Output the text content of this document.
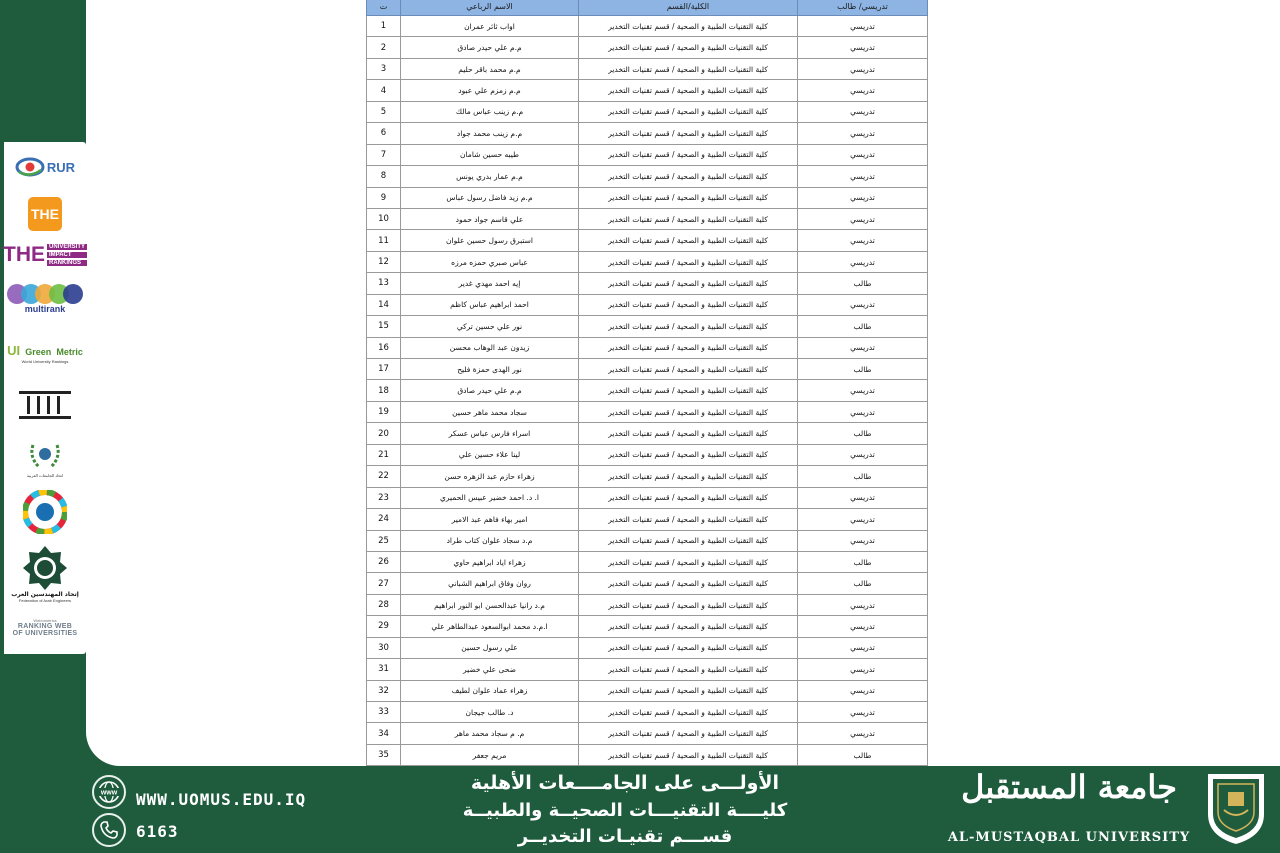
RUR
THE
THE UNIVERSITY
IMPACT
RANKINGS
multirank
UI Green Metric
World University Rankings
اتحاد الجامعات العربية
إتحاد المهندسين العرب
Federation of Arab Engineers
Webometrics
RANKING WEB
OF UNIVERSITIES
ت	الاسم الرباعي	الكلية/القسم	تدريسي/ طالب
1	اواب ثائر عمران	كلية التقنيات الطبية و الصحية / قسم تقنيات التخدير	تدريسي
2	م.م علي حيدر صادق	كلية التقنيات الطبية و الصحية / قسم تقنيات التخدير	تدريسي
3	م.م محمد باقر حليم	كلية التقنيات الطبية و الصحية / قسم تقنيات التخدير	تدريسي
4	م.م زمزم علي عبود	كلية التقنيات الطبية و الصحية / قسم تقنيات التخدير	تدريسي
5	م.م زينب عباس مالك	كلية التقنيات الطبية و الصحية / قسم تقنيات التخدير	تدريسي
6	م.م زينب محمد جواد	كلية التقنيات الطبية و الصحية / قسم تقنيات التخدير	تدريسي
7	طيبه حسين شامان	كلية التقنيات الطبية و الصحية / قسم تقنيات التخدير	تدريسي
8	م.م عمار بدري يونس	كلية التقنيات الطبية و الصحية / قسم تقنيات التخدير	تدريسي
9	م.م زيد فاضل رسول عباس	كلية التقنيات الطبية و الصحية / قسم تقنيات التخدير	تدريسي
10	علي قاسم جواد حمود	كلية التقنيات الطبية و الصحية / قسم تقنيات التخدير	تدريسي
11	استبرق رسول حسين علوان	كلية التقنيات الطبية و الصحية / قسم تقنيات التخدير	تدريسي
12	عباس صبري حمزه مرزه	كلية التقنيات الطبية و الصحية / قسم تقنيات التخدير	تدريسي
13	إيه احمد مهدي غدير	كلية التقنيات الطبية و الصحية / قسم تقنيات التخدير	طالب
14	احمد ابراهيم عباس كاظم	كلية التقنيات الطبية و الصحية / قسم تقنيات التخدير	تدريسي
15	نور علي حسين تركي	كلية التقنيات الطبية و الصحية / قسم تقنيات التخدير	طالب
16	زيدون عبد الوهاب محسن	كلية التقنيات الطبية و الصحية / قسم تقنيات التخدير	تدريسي
17	نور الهدى حمزة فليح	كلية التقنيات الطبية و الصحية / قسم تقنيات التخدير	طالب
18	م.م علي حيدر صادق	كلية التقنيات الطبية و الصحية / قسم تقنيات التخدير	تدريسي
19	سجاد محمد ماهر حسين	كلية التقنيات الطبية و الصحية / قسم تقنيات التخدير	تدريسي
20	اسراء فارس عباس عسكر	كلية التقنيات الطبية و الصحية / قسم تقنيات التخدير	طالب
21	لينا علاء حسين علي	كلية التقنيات الطبية و الصحية / قسم تقنيات التخدير	تدريسي
22	زهراء حازم عبد الزهره حسن	كلية التقنيات الطبية و الصحية / قسم تقنيات التخدير	طالب
23	ا. د. احمد خضير عبيس الحميري	كلية التقنيات الطبية و الصحية / قسم تقنيات التخدير	تدريسي
24	امير بهاء فاهم عبد الامير	كلية التقنيات الطبية و الصحية / قسم تقنيات التخدير	تدريسي
25	م.د سجاد علوان كتاب طراد	كلية التقنيات الطبية و الصحية / قسم تقنيات التخدير	تدريسي
26	زهراء اياد ابراهيم حاوي	كلية التقنيات الطبية و الصحية / قسم تقنيات التخدير	طالب
27	روان وفاق ابراهيم الشباني	كلية التقنيات الطبية و الصحية / قسم تقنيات التخدير	طالب
28	م.د رانيا عبدالحسن ابو النور ابراهيم	كلية التقنيات الطبية و الصحية / قسم تقنيات التخدير	تدريسي
29	ا.م.د محمد ابوالسعود عبدالطاهر علي	كلية التقنيات الطبية و الصحية / قسم تقنيات التخدير	تدريسي
30	علي رسول حسين	كلية التقنيات الطبية و الصحية / قسم تقنيات التخدير	تدريسي
31	ضحى علي خضير	كلية التقنيات الطبية و الصحية / قسم تقنيات التخدير	تدريسي
32	زهراء عماد علوان لطيف	كلية التقنيات الطبية و الصحية / قسم تقنيات التخدير	تدريسي
33	د. طالب جيجان	كلية التقنيات الطبية و الصحية / قسم تقنيات التخدير	تدريسي
34	م. م سجاد محمد ماهر	كلية التقنيات الطبية و الصحية / قسم تقنيات التخدير	تدريسي
35	مريم جعفر	كلية التقنيات الطبية و الصحية / قسم تقنيات التخدير	طالب
www WWW.UOMUS.EDU.IQ
6163
الأولـــى على الجامــــعات الأهلية
كليــــة التقنيـــات الصحيــة والطبيــة
قســـم تقنيـات التخديــر
جامعة المستقبل
AL-MUSTAQBAL UNIVERSITY
